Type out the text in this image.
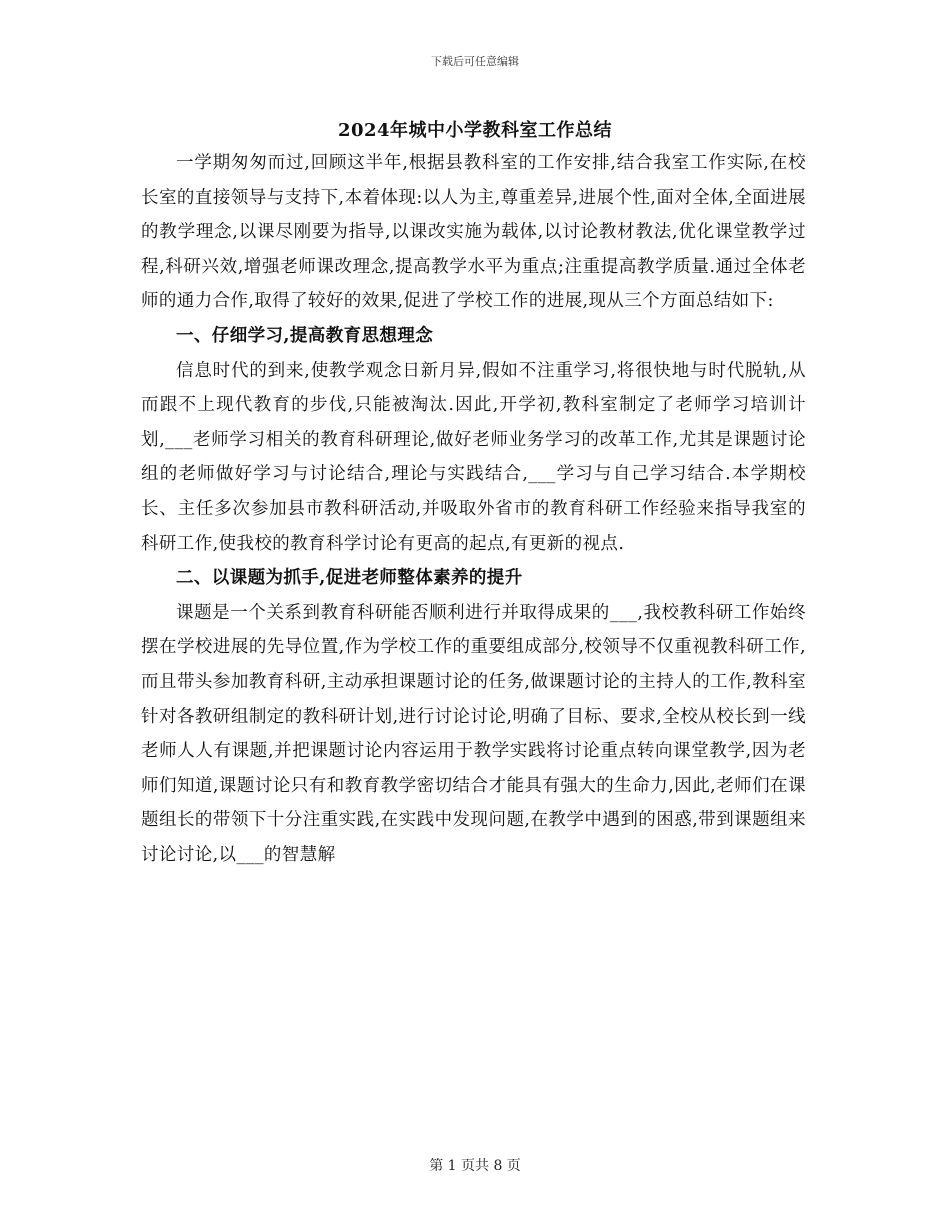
下载后可任意编辑
2024年城中小学教科室工作总结

一学期匆匆而过,回顾这半年,根据县教科室的工作安排,结合我室工作实际,在校长室的直接领导与支持下,本着体现:以人为主,尊重差异,进展个性,面对全体,全面进展的教学理念,以课尽刚要为指导,以课改实施为载体,以讨论教材教法,优化课堂教学过程,科研兴效,增强老师课改理念,提高教学水平为重点;注重提高教学质量.通过全体老师的通力合作,取得了较好的效果,促进了学校工作的进展,现从三个方面总结如下:

一、仔细学习,提高教育思想理念

信息时代的到来,使教学观念日新月异,假如不注重学习,将很快地与时代脱轨,从而跟不上现代教育的步伐,只能被淘汰.因此,开学初,教科室制定了老师学习培训计划,___老师学习相关的教育科研理论,做好老师业务学习的改革工作,尤其是课题讨论组的老师做好学习与讨论结合,理论与实践结合,___学习与自己学习结合.本学期校长、主任多次参加县市教科研活动,并吸取外省市的教育科研工作经验来指导我室的科研工作,使我校的教育科学讨论有更高的起点,有更新的视点.

二、以课题为抓手,促进老师整体素养的提升

课题是一个关系到教育科研能否顺利进行并取得成果的___,我校教科研工作始终摆在学校进展的先导位置,作为学校工作的重要组成部分,校领导不仅重视教科研工作,而且带头参加教育科研,主动承担课题讨论的任务,做课题讨论的主持人的工作,教科室针对各教研组制定的教科研计划,进行讨论讨论,明确了目标、要求,全校从校长到一线老师人人有课题,并把课题讨论内容运用于教学实践将讨论重点转向课堂教学,因为老师们知道,课题讨论只有和教育教学密切结合才能具有强大的生命力,因此,老师们在课题组长的带领下十分注重实践,在实践中发现问题,在教学中遇到的困惑,带到课题组来讨论讨论,以___的智慧解

第 1 页共 8 页
